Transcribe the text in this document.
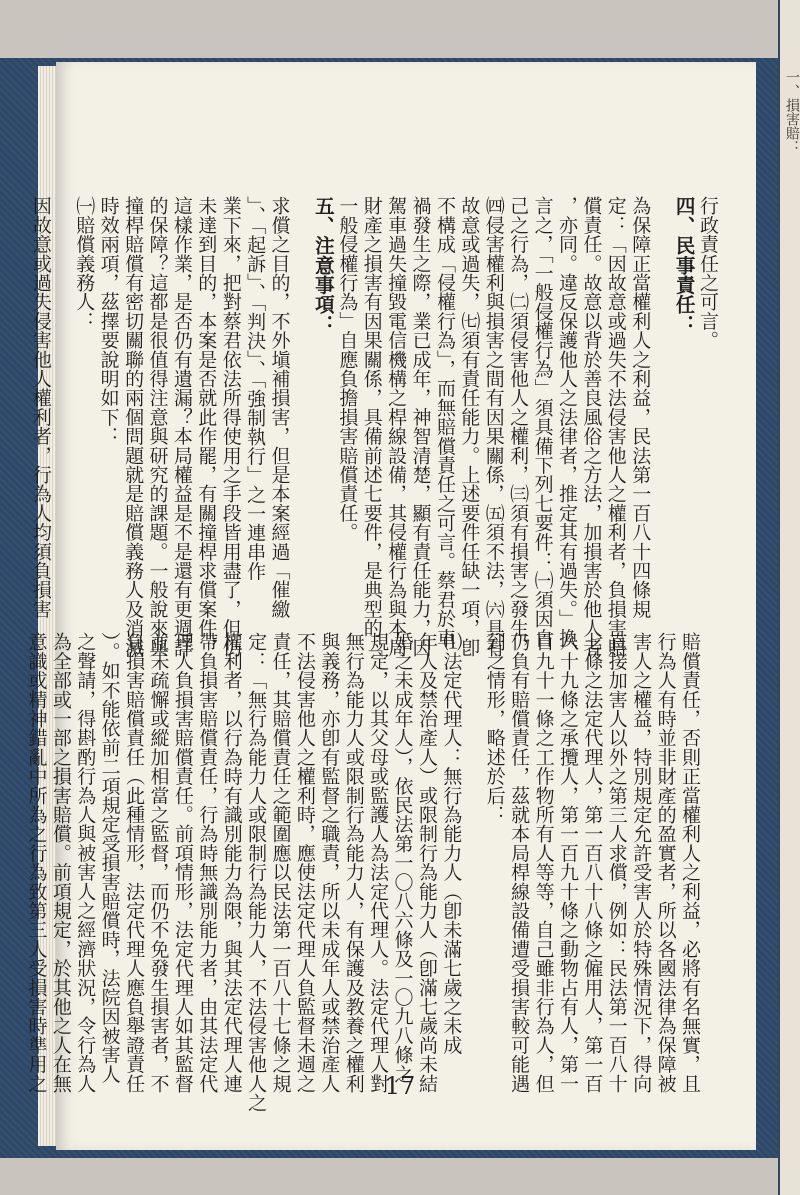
一、損害賠：
行政責任之可言。
四、民事責任：
為保障正當權利人之利益，民法第一百八十四條規
定：「因故意或過失不法侵害他人之權利者，負損害賠
償責任。故意以背於善良風俗之方法，加損害於他人者
，亦同。違反保護他人之法律者，推定其有過失。」換
言之，「一般侵權行為」須具備下列七要件：㈠須因自
己之行為，㈡須侵害他人之權利，㈢須有損害之發生，
㈣侵害權利與損害之間有因果關係，㈤須不法，㈥具有
故意或過失，㈦須有責任能力。上述要件任缺一項，卽
不構成「侵權行為」，而無賠償責任之可言。蔡君於車
禍發生之際，業已成年，神智清楚，顯有責任能力，因
駕車過失撞毀電信機構之桿線設備，其侵權行為與本局
財產之損害有因果關係，具備前述七要件，是典型的「
一般侵權行為」自應負擔損害賠償責任。
五、注意事項：
求償之目的，不外塡補損害，但是本案經過「催繳
」、「起訴」、「判決」、「強制執行」之一連串作
業下來，把對蔡君依法所得使用之手段皆用盡了，但仍
未達到目的，本案是否就此作罷，有關撞桿求償案件，
這樣作業，是否仍有遺漏？本局權益是不是還有更週詳
的保障？這都是很值得注意與研究的課題。一般說來與
撞桿賠償有密切關聯的兩個問題就是賠償義務人及消滅
時效兩項，茲擇要說明如下：
㈠賠償義務人：
因故意或過失侵害他人權利者，行為人均須負損害
賠償責任，否則正當權利人之利益，必將有名無實，且
行為人有時並非財產的盈實者，所以各國法律為保障被
害人之權益，特別規定允許受害人於特殊情況下，得向
直接加害人以外之第三人求償，例如：民法第一百八十
七條之法定代理人，第一百八十八條之僱用人，第一百
八十九條之承攬人，第一百九十條之動物占有人，第一
百九十一條之工作物所有人等等，自己雖非行為人，但
仍負有賠償責任，茲就本局桿線設備遭受損害較可能遇
到之情形，略述於后：
⑴法定代理人：無行為能力人（卽未滿七歲之未成
年人及禁治產人）或限制行為能力人（卽滿七歲尚未結
婚之未成年人），依民法第一〇八六條及一〇九八條之
規定，以其父母或監護人為法定代理人。法定代理人對
無行為能力人或限制行為能力人，有保護及教養之權利
與義務，亦卽有監督之職責，所以未成年人或禁治產人
不法侵害他人之權利時，應使法定代理人負監督未週之
責任，其賠償責任之範圍應以民法第一百八十七條之規
定：「無行為能力人或限制行為能力人，不法侵害他人之
權利者，以行為時有識別能力為限，與其法定代理人連
帶負損害賠償責任，行為時無識別能力者，由其法定代
理人負損害賠償責任。前項情形，法定代理人如其監督
並未疏懈或縱加相當之監督，而仍不免發生損害者，不
負損害賠償責任（此種情形，法定代理人應負舉證責任
）。如不能依前二項規定受損害賠償時，法院因被害人
之聲請，得斟酌行為人與被害人之經濟狀況，令行為人
為全部或一部之損害賠償。前項規定，於其他之人在無
意識或精神錯亂中所為之行為致第三人受損害時準用之	17
